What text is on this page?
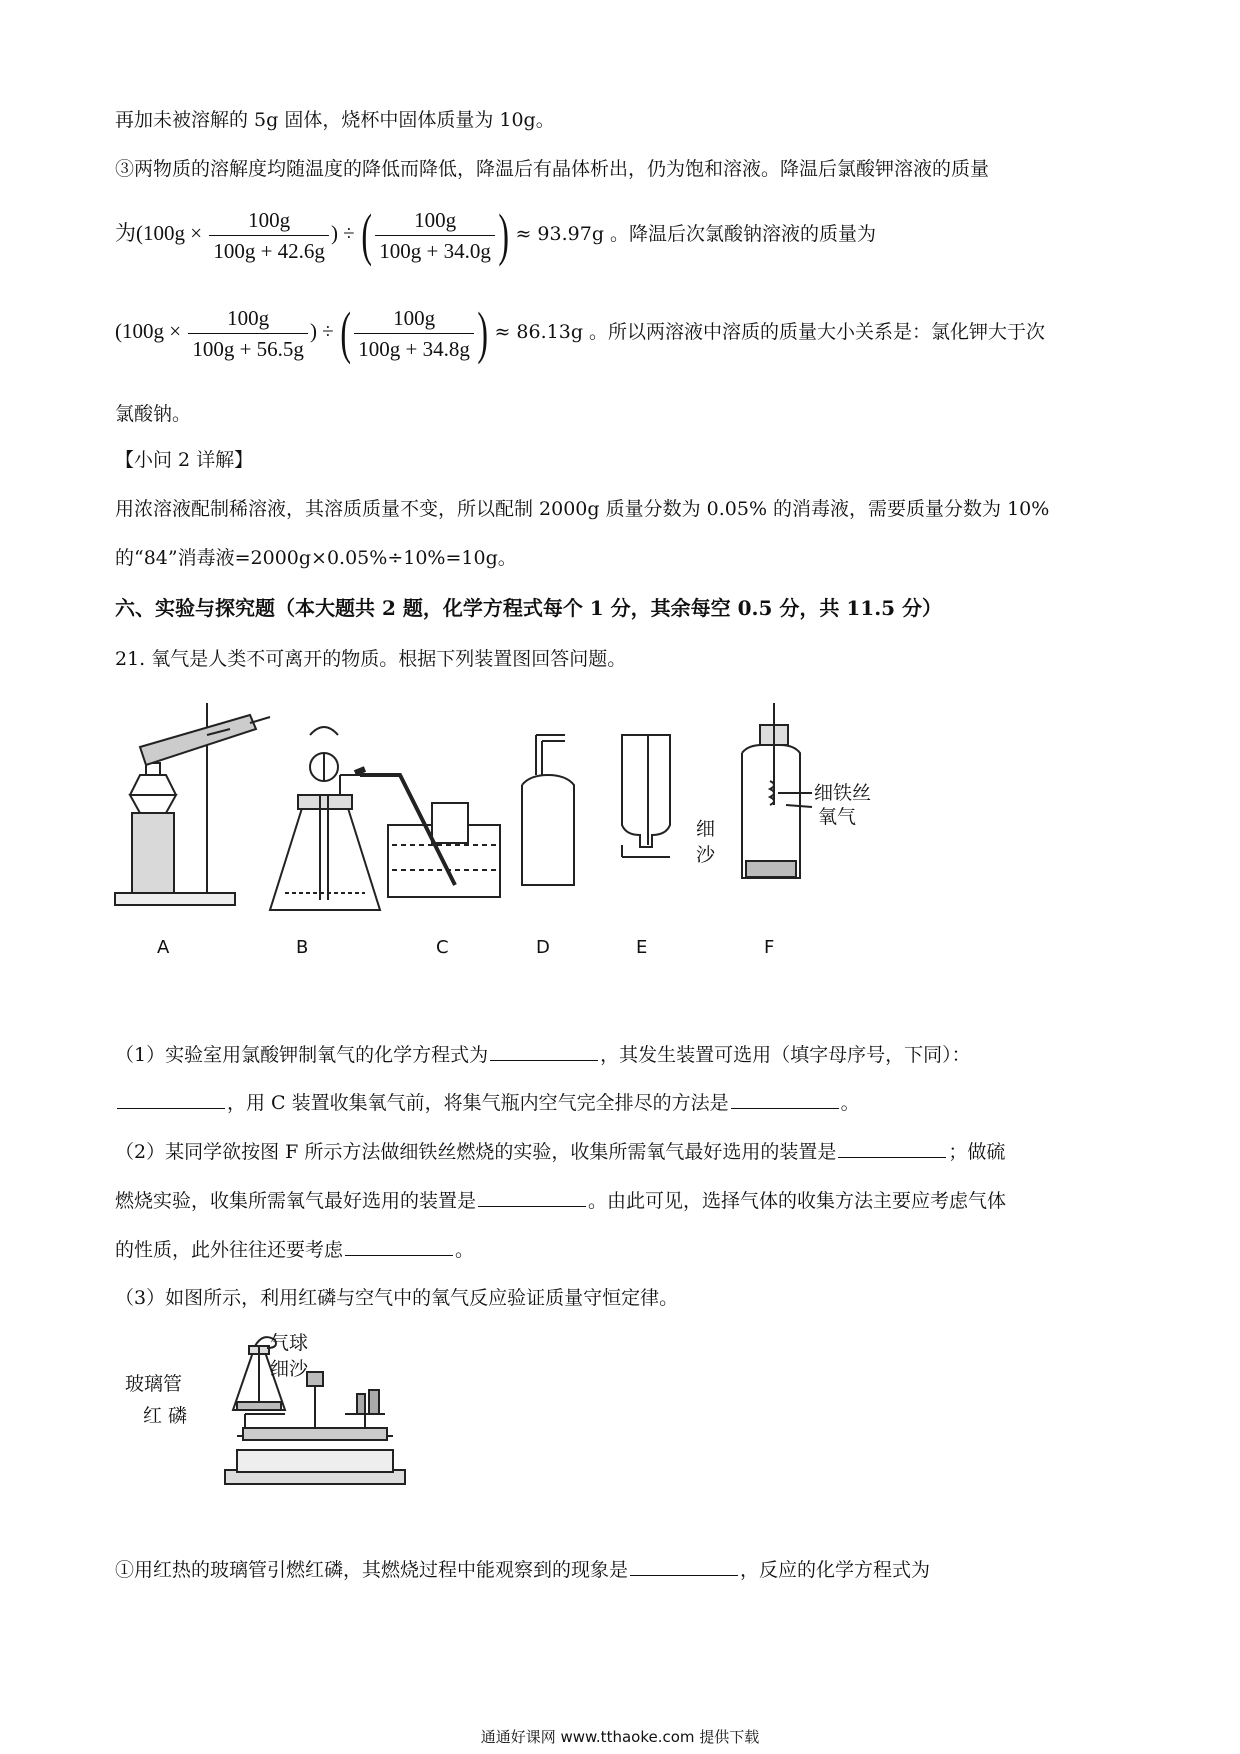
再加未被溶解的 5g 固体，烧杯中固体质量为 10g。
③两物质的溶解度均随温度的降低而降低，降温后有晶体析出，仍为饱和溶液。降温后氯酸钾溶液的质量
为($100g \times \frac{100g}{100g + 42.6g}$ ) ÷ ( $\frac{100g}{100g + 34.0g}$ ) ≈ 93.97g 。降温后次氯酸钠溶液的质量为
($100g \times \frac{100g}{100g + 56.5g}$ ) ÷ ( $\frac{100g}{100g + 34.8g}$ ) ≈ 86.13g 。所以两溶液中溶质的质量大小关系是：氯化钾大于次
氯酸钠。
【小问 2 详解】
用浓溶液配制稀溶液，其溶质质量不变，所以配制 2000g 质量分数为 0.05% 的消毒液，需要质量分数为 10%
的“84”消毒液=2000g×0.05%÷10%=10g。
六、实验与探究题（本大题共 2 题，化学方程式每个 1 分，其余每空 0.5 分，共 11.5 分）
21. 氧气是人类不可离开的物质。根据下列装置图回答问题。
细铁丝
氧气
细
沙
A	B	C	D	E	F
（1）实验室用氯酸钾制氧气的化学方程式为	，其发生装置可选用（填字母序号，下同）：
，用 C 装置收集氧气前，将集气瓶内空气完全排尽的方法是	。
（2）某同学欲按图 F 所示方法做细铁丝燃烧的实验，收集所需氧气最好选用的装置是	；做硫
燃烧实验，收集所需氧气最好选用的装置是	。由此可见，选择气体的收集方法主要应考虑气体
的性质，此外往往还要考虑	。
（3）如图所示，利用红磷与空气中的氧气反应验证质量守恒定律。
气球
细沙
玻璃管
红 磷
①用红热的玻璃管引燃红磷，其燃烧过程中能观察到的现象是	，反应的化学方程式为
通通好课网 www.tthaoke.com 提供下载
